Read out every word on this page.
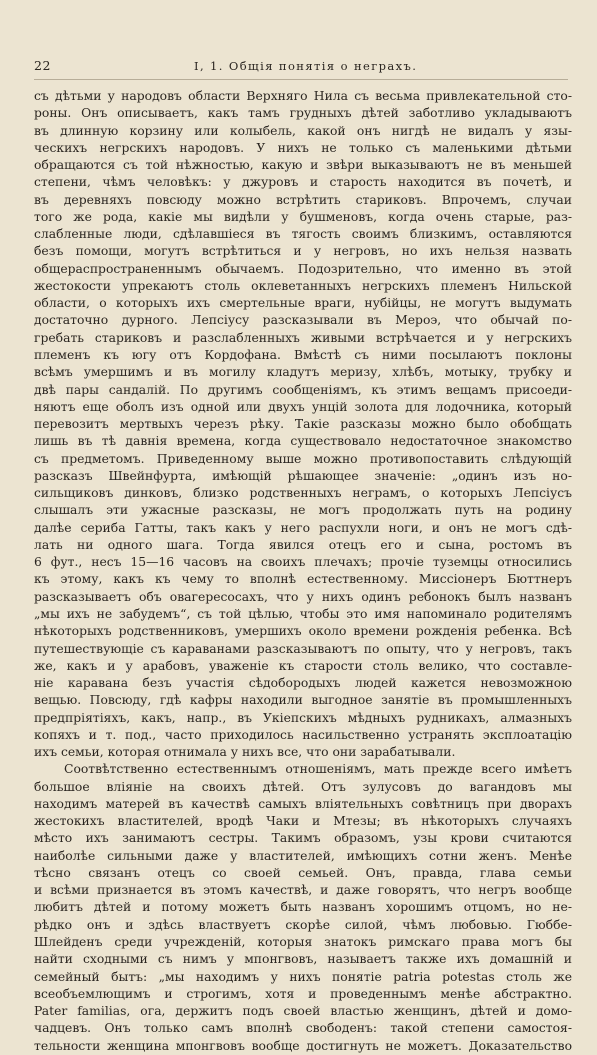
22	І, 1. Общія понятія о неграхъ.
съ дѣтьми у народовъ области Верхняго Нила съ весьма привлекательной сто-
роны. Онъ описываетъ, какъ тамъ грудныхъ дѣтей заботливо укладываютъ
въ длинную корзину или колыбель, какой онъ нигдѣ не видалъ у язы-
ческихъ негрскихъ народовъ. У нихъ не только съ маленькими дѣтьми
обращаются съ той нѣжностью, какую и звѣри выказываютъ не въ меньшей
степени, чѣмъ человѣкъ: у джуровъ и старость находится въ почетѣ, и
въ деревняхъ повсюду можно встрѣтить стариковъ. Впрочемъ, случаи
того же рода, какіе мы видѣли у бушменовъ, когда очень старые, раз-
слабленные люди, сдѣлавшіеся въ тягость своимъ близкимъ, оставляются
безъ помощи, могутъ встрѣтиться и у негровъ, но ихъ нельзя назвать
общераспространеннымъ обычаемъ. Подозрительно, что именно въ этой
жестокости упрекаютъ столь оклеветанныхъ негрскихъ племенъ Нильской
области, о которыхъ ихъ смертельные враги, нубійцы, не могутъ выдумать
достаточно дурного. Лепсіусу разсказывали въ Мероэ, что обычай по-
гребать стариковъ и разслабленныхъ живыми встрѣчается и у негрскихъ
племенъ къ югу отъ Кордофана. Вмѣстѣ съ ними посылаютъ поклоны
всѣмъ умершимъ и въ могилу кладутъ меризу, хлѣбъ, мотыку, трубку и
двѣ пары сандалій. По другимъ сообщеніямъ, къ этимъ вещамъ присоеди-
няютъ еще оболъ изъ одной или двухъ унцій золота для лодочника, который
перевозитъ мертвыхъ черезъ рѣку. Такіе разсказы можно было обобщать
лишь въ тѣ давнія времена, когда существовало недостаточное знакомство
съ предметомъ. Приведенному выше можно противопоставить слѣдующій
разсказъ Швейнфурта, имѣющій рѣшающее значеніе: „одинъ изъ но-
сильщиковъ динковъ, близко родственныхъ неграмъ, о которыхъ Лепсіусъ
слышалъ эти ужасные разсказы, не могъ продолжать путь на родину
далѣе сериба Гатты, такъ какъ у него распухли ноги, и онъ не могъ сдѣ-
лать ни одного шага. Тогда явился отецъ его и сына, ростомъ въ
6 фут., несъ 15—16 часовъ на своихъ плечахъ; прочіе туземцы относились
къ этому, какъ къ чему то вполнѣ естественному. Миссіонеръ Бюттнеръ
разсказываетъ объ овагересосахъ, что у нихъ одинъ ребонокъ былъ названъ
„мы ихъ не забудемъ“, съ той цѣлью, чтобы это имя напоминало родителямъ
нѣкоторыхъ родственниковъ, умершихъ около времени рожденія ребенка. Всѣ
путешествующіе съ караванами разсказываютъ по опыту, что у негровъ, такъ
же, какъ и у арабовъ, уваженіе къ старости столь велико, что составле-
ніе каравана безъ участія сѣдобородыхъ людей кажется невозможною
вещью. Повсюду, гдѣ кафры находили выгодное занятіе въ промышленныхъ
предпріятіяхъ, какъ, напр., въ Укіепскихъ мѣдныхъ рудникахъ, алмазныхъ
копяхъ и т. под., часто приходилось насильственно устранять эксплоатацію
ихъ семьи, которая отнимала у нихъ все, что они зарабатывали.
Соотвѣтственно естественнымъ отношеніямъ, мать прежде всего имѣетъ
большое вліяніе на своихъ дѣтей. Отъ зулусовъ до вагандовъ мы
находимъ матерей въ качествѣ самыхъ вліятельныхъ совѣтницъ при дворахъ
жестокихъ властителей, вродѣ Чаки и Мтезы; въ нѣкоторыхъ случаяхъ
мѣсто ихъ занимаютъ сестры. Такимъ образомъ, узы крови считаются
наиболѣе сильными даже у властителей, имѣющихъ сотни женъ. Менѣе
тѣсно связанъ отецъ со своей семьей. Онъ, правда, глава семьи
и всѣми признается въ этомъ качествѣ, и даже говорятъ, что негръ вообще
любитъ дѣтей и потому можетъ быть названъ хорошимъ отцомъ, но не-
рѣдко онъ и здѣсь властвуетъ скорѣе силой, чѣмъ любовью. Гюббе-
Шлейденъ среди учрежденій, которыя знатокъ римскаго права могъ бы
найти сходными съ нимъ у мпонгвовъ, называетъ также ихъ домашній и
семейный бытъ: „мы находимъ у нихъ понятіе patria potestas столь же
всеобъемлющимъ и строгимъ, хотя и проведеннымъ менѣе абстрактно.
Pater familias, ога, держитъ подъ своей властью женщинъ, дѣтей и домо-
чадцевъ. Онъ только самъ вполнѣ свободенъ: такой степени самостоя-
тельности женщина мпонгвовъ вообще достигнуть не можетъ. Доказательство
